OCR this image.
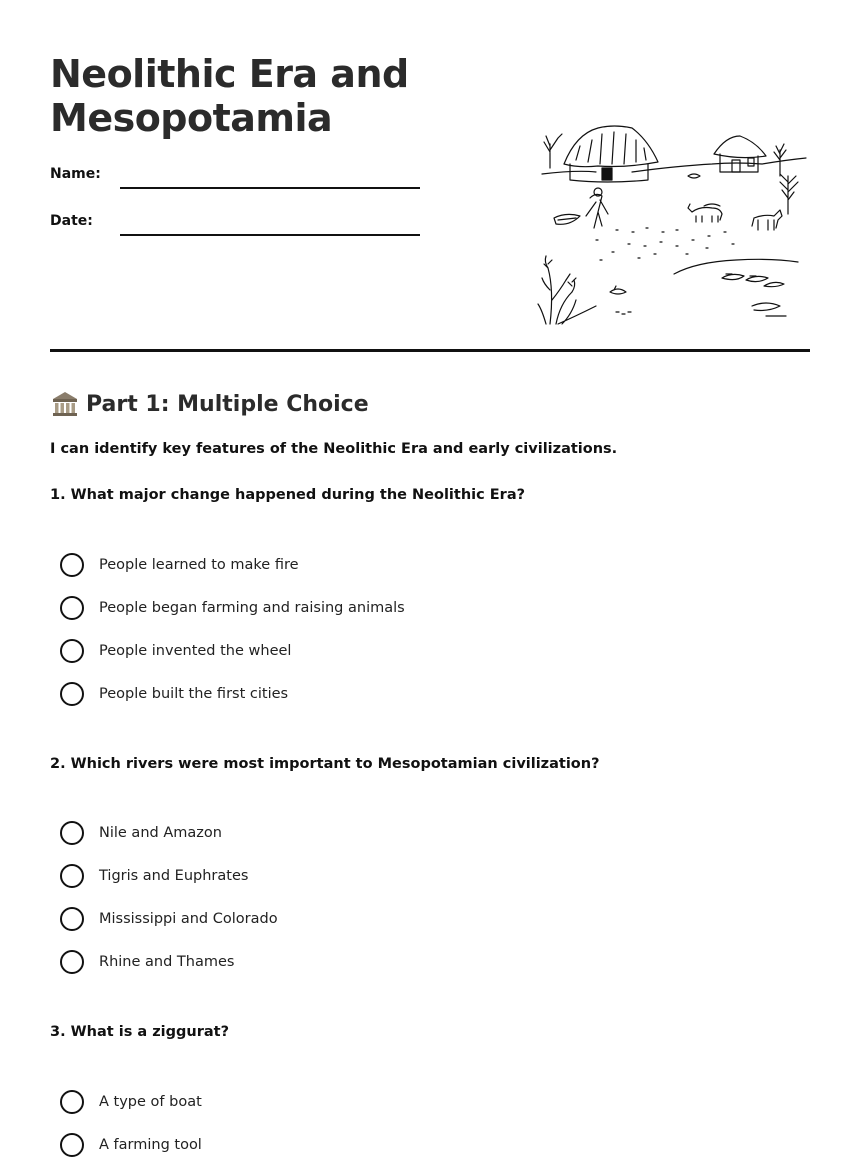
Neolithic Era and Mesopotamia
Name:
Date:
Part 1: Multiple Choice
I can identify key features of the Neolithic Era and early civilizations.
1. What major change happened during the Neolithic Era?
People learned to make fire
People began farming and raising animals
People invented the wheel
People built the first cities
2. Which rivers were most important to Mesopotamian civilization?
Nile and Amazon
Tigris and Euphrates
Mississippi and Colorado
Rhine and Thames
3. What is a ziggurat?
A type of boat
A farming tool
